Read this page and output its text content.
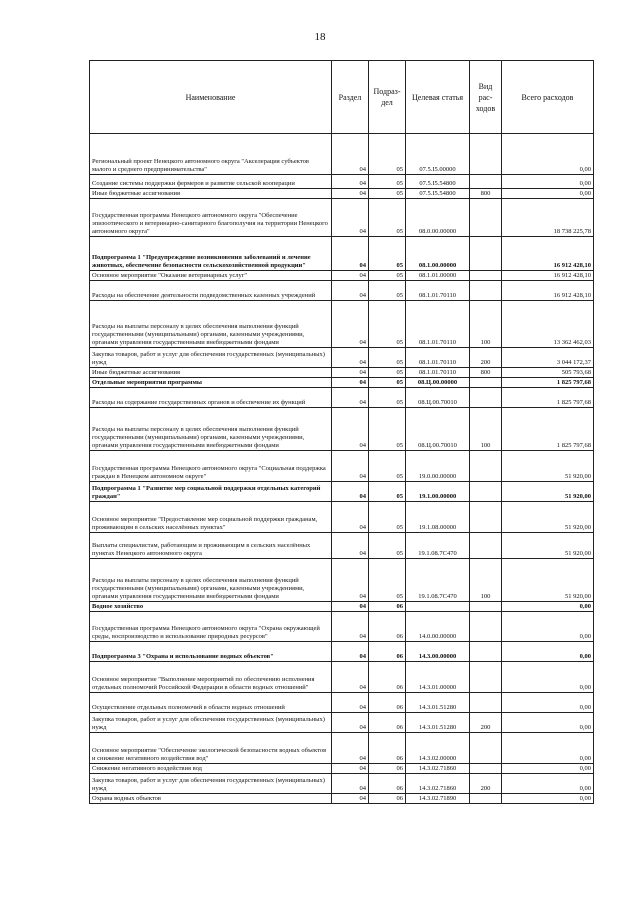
18
Наименование	Раздел	Подраз-дел	Целевая статья	Вид рас-ходов	Всего расходов
Региональный проект Ненецкого автономного округа "Акселерация субъектов малого и среднего предпринимательства"	04	05	07.5.I5.00000		0,00
Создание системы поддержки фермеров и развитие сельской кооперации	04	05	07.5.I5.54800		0,00
Иные бюджетные ассигнования	04	05	07.5.I5.54800	800	0,00
Государственная программа Ненецкого автономного округа "Обеспечение эпизоотического и ветеринарно-санитарного благополучия на территории Ненецкого автономного округа"	04	05	08.0.00.00000		18 738 225,78
Подпрограмма 1 "Предупреждение возникновения заболеваний и лечение животных, обеспечение безопасности сельскохозяйственной продукции"	04	05	08.1.00.00000		16 912 428,10
Основное мероприятие "Оказание ветеринарных услуг"	04	05	08.1.01.00000		16 912 428,10
Расходы на обеспечение деятельности подведомственных казенных учреждений	04	05	08.1.01.70110		16 912 428,10
Расходы на выплаты персоналу в целях обеспечения выполнения функций государственными (муниципальными) органами, казенными учреждениями, органами управления государственными внебюджетными фондами	04	05	08.1.01.70110	100	13 362 462,03
Закупка товаров, работ и услуг для обеспечения государственных (муниципальных) нужд	04	05	08.1.01.70110	200	3 044 172,37
Иные бюджетные ассигнования	04	05	08.1.01.70110	800	505 793,68
Отдельные мероприятия программы	04	05	08.Ц.00.00000		1 825 797,68
Расходы на содержание государственных органов и обеспечение их функций	04	05	08.Ц.00.70010		1 825 797,68
Расходы на выплаты персоналу в целях обеспечения выполнения функций государственными (муниципальными) органами, казенными учреждениями, органами управления государственными внебюджетными фондами	04	05	08.Ц.00.70010	100	1 825 797,68
Государственная программа Ненецкого автономного округа "Социальная поддержка граждан в Ненецком автономном округе"	04	05	19.0.00.00000		51 920,00
Подпрограмма 1 "Развитие мер социальной поддержки отдельных категорий граждан"	04	05	19.1.00.00000		51 920,00
Основное мероприятие "Предоставление мер социальной поддержки гражданам, проживающим в сельских населённых пунктах"	04	05	19.1.08.00000		51 920,00
Выплаты специалистам, работающим и проживающим в сельских населённых пунктах Ненецкого автономного округа	04	05	19.1.08.7С470		51 920,00
Расходы на выплаты персоналу в целях обеспечения выполнения функций государственными (муниципальными) органами, казенными учреждениями, органами управления государственными внебюджетными фондами	04	05	19.1.08.7С470	100	51 920,00
Водное хозяйство	04	06			0,00
Государственная программа Ненецкого автономного округа "Охрана окружающей среды, воспроизводство и использование природных ресурсов"	04	06	14.0.00.00000		0,00
Подпрограмма 3 "Охрана и использование водных объектов"	04	06	14.3.00.00000		0,00
Основное мероприятие "Выполнение мероприятий по обеспечению исполнения отдельных полномочий Российской Федерации в области водных отношений"	04	06	14.3.01.00000		0,00
Осуществление отдельных полномочий в области водных отношений	04	06	14.3.01.51280		0,00
Закупка товаров, работ и услуг для обеспечения государственных (муниципальных) нужд	04	06	14.3.01.51280	200	0,00
Основное мероприятие "Обеспечение экологической безопасности водных объектов и снижение негативного воздействия вод"	04	06	14.3.02.00000		0,00
Снижение негативного воздействия вод	04	06	14.3.02.71860		0,00
Закупка товаров, работ и услуг для обеспечения государственных (муниципальных) нужд	04	06	14.3.02.71860	200	0,00
Охрана водных объектов	04	06	14.3.02.71890		0,00
